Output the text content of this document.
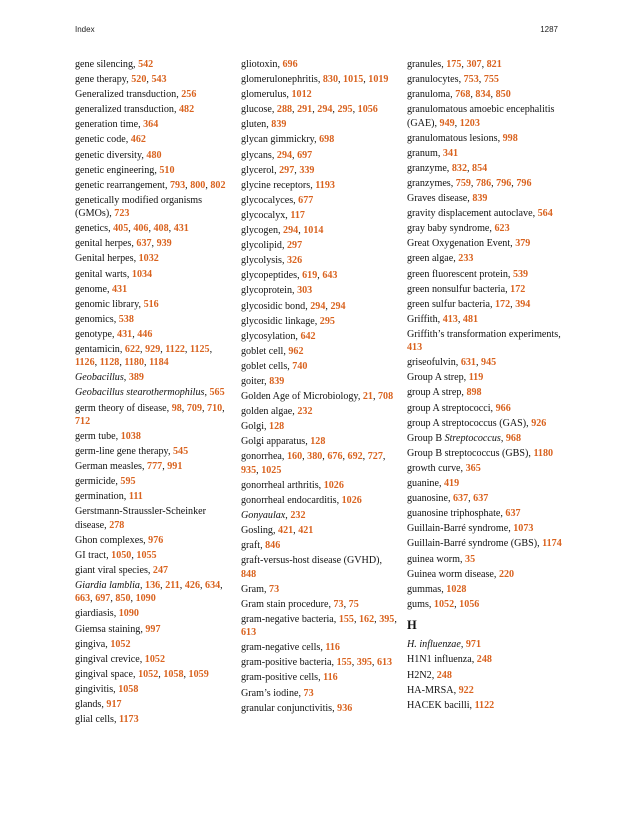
Index	1287
gene silencing, 542
gene therapy, 520, 543
Generalized transduction, 256
generalized transduction, 482
generation time, 364
genetic code, 462
genetic diversity, 480
genetic engineering, 510
genetic rearrangement, 793, 800, 802
genetically modified organisms (GMOs), 723
genetics, 405, 406, 408, 431
genital herpes, 637, 939
Genital herpes, 1032
genital warts, 1034
genome, 431
genomic library, 516
genomics, 538
genotype, 431, 446
gentamicin, 622, 929, 1122, 1125, 1126, 1128, 1180, 1184
Geobacillus, 389
Geobacillus stearothermophilus, 565
germ theory of disease, 98, 709, 710, 712
germ tube, 1038
germ-line gene therapy, 545
German measles, 777, 991
germicide, 595
germination, 111
Gerstmann-Straussler-Scheinker disease, 278
Ghon complexes, 976
GI tract, 1050, 1055
giant viral species, 247
Giardia lamblia, 136, 211, 426, 634, 663, 697, 850, 1090
giardiasis, 1090
Giemsa staining, 997
gingiva, 1052
gingival crevice, 1052
gingival space, 1052, 1058, 1059
gingivitis, 1058
glands, 917
glial cells, 1173
gliotoxin, 696
glomerulonephritis, 830, 1015, 1019
glomerulus, 1012
glucose, 288, 291, 294, 295, 1056
gluten, 839
glycan gimmickry, 698
glycans, 294, 697
glycerol, 297, 339
glycine receptors, 1193
glycocalyces, 677
glycocalyx, 117
glycogen, 294, 1014
glycolipid, 297
glycolysis, 326
glycopeptides, 619, 643
glycoprotein, 303
glycosidic bond, 294, 294
glycosidic linkage, 295
glycosylation, 642
goblet cell, 962
goblet cells, 740
goiter, 839
Golden Age of Microbiology, 21, 708
golden algae, 232
Golgi, 128
Golgi apparatus, 128
gonorrhea, 160, 380, 676, 692, 727, 935, 1025
gonorrheal arthritis, 1026
gonorrheal endocarditis, 1026
Gonyaulax, 232
Gosling, 421, 421
graft, 846
graft-versus-host disease (GVHD), 848
Gram, 73
Gram stain procedure, 73, 75
gram-negative bacteria, 155, 162, 395, 613
gram-negative cells, 116
gram-positive bacteria, 155, 395, 613
gram-positive cells, 116
Gram’s iodine, 73
granular conjunctivitis, 936
granules, 175, 307, 821
granulocytes, 753, 755
granuloma, 768, 834, 850
granulomatous amoebic encephalitis (GAE), 949, 1203
granulomatous lesions, 998
granum, 341
granzyme, 832, 854
granzymes, 759, 786, 796, 796
Graves disease, 839
gravity displacement autoclave, 564
gray baby syndrome, 623
Great Oxygenation Event, 379
green algae, 233
green fluorescent protein, 539
green nonsulfur bacteria, 172
green sulfur bacteria, 172, 394
Griffith, 413, 481
Griffith’s transformation experiments, 413
griseofulvin, 631, 945
Group A strep, 119
group A strep, 898
group A streptococci, 966
group A streptococcus (GAS), 926
Group B Streptococcus, 968
Group B streptococcus (GBS), 1180
growth curve, 365
guanine, 419
guanosine, 637, 637
guanosine triphosphate, 637
Guillain-Barré syndrome, 1073
Guillain-Barré syndrome (GBS), 1174
guinea worm, 35
Guinea worm disease, 220
gummas, 1028
gums, 1052, 1056
H
H. influenzae, 971
H1N1 influenza, 248
H2N2, 248
HA-MRSA, 922
HACEK bacilli, 1122
